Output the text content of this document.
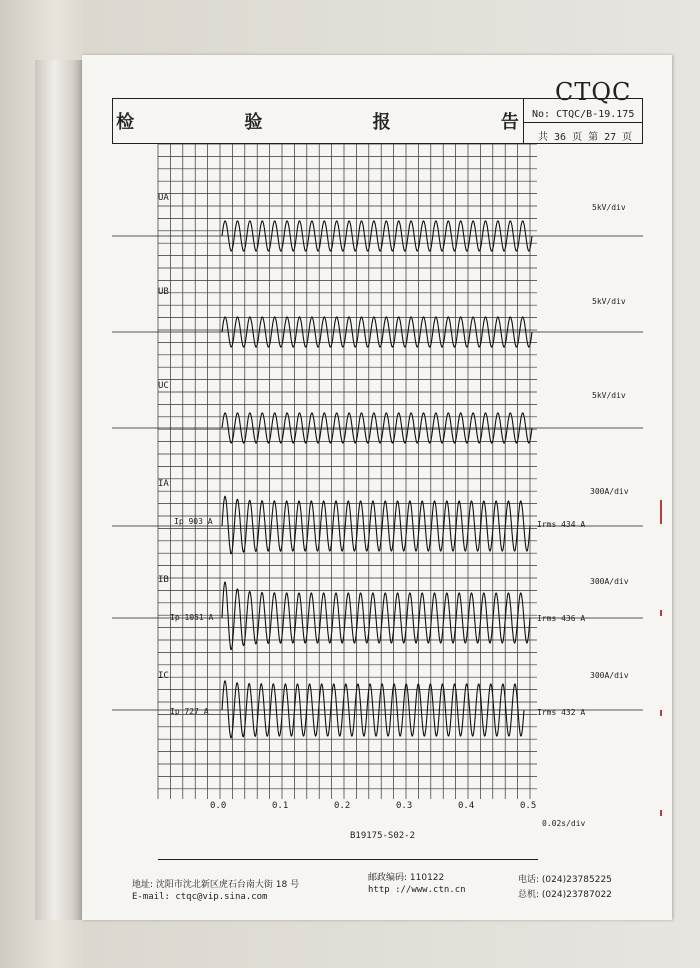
CTQC
检 验 报 告
No: CTQC/B-19.175
共 36 页 第 27 页
UA
UB
UC
IA
IB
IC
5kV/div
5kV/div
5kV/div
300A/div
300A/div
300A/div
Ip 903 A
Ip 1051 A
Ip 727 A
Irms 434 A
Irms 436 A
Irms 432 A
0.0	0.1	0.2	0.3	0.4	0.5
0.02s/div
B19175-S02-2
地址: 沈阳市沈北新区虎石台南大街 18 号
E-mail: ctqc@vip.sina.com
邮政编码: 110122
http ://www.ctn.cn
电话: (024)23785225
总机: (024)23787022
